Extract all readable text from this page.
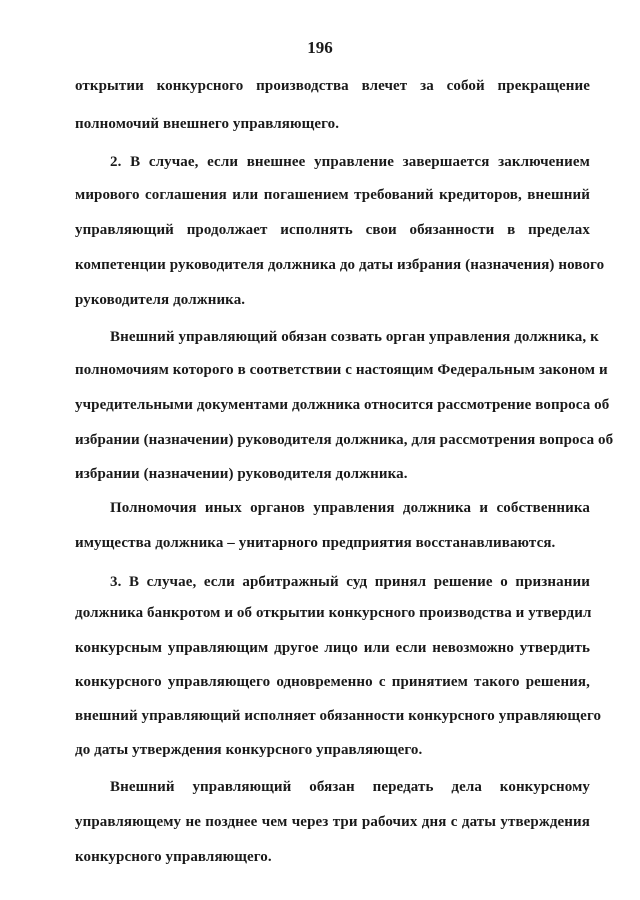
196
открытии конкурсного производства влечет за собой прекращение
полномочий внешнего управляющего.
2. В случае, если внешнее управление завершается заключением
мирового соглашения или погашением требований кредиторов, внешний
управляющий продолжает исполнять свои обязанности в пределах
компетенции руководителя должника до даты избрания (назначения) нового
руководителя должника.
Внешний управляющий обязан созвать орган управления должника, к
полномочиям которого в соответствии с настоящим Федеральным законом и
учредительными документами должника относится рассмотрение вопроса об
избрании (назначении) руководителя должника, для рассмотрения вопроса об
избрании (назначении) руководителя должника.
Полномочия иных органов управления должника и собственника
имущества должника – унитарного предприятия восстанавливаются.
3. В случае, если арбитражный суд принял решение о признании
должника банкротом и об открытии конкурсного производства и утвердил
конкурсным управляющим другое лицо или если невозможно утвердить
конкурсного управляющего одновременно с принятием такого решения,
внешний управляющий исполняет обязанности конкурсного управляющего
до даты утверждения конкурсного управляющего.
Внешний управляющий обязан передать дела конкурсному
управляющему не позднее чем через три рабочих дня с даты утверждения
конкурсного управляющего.
